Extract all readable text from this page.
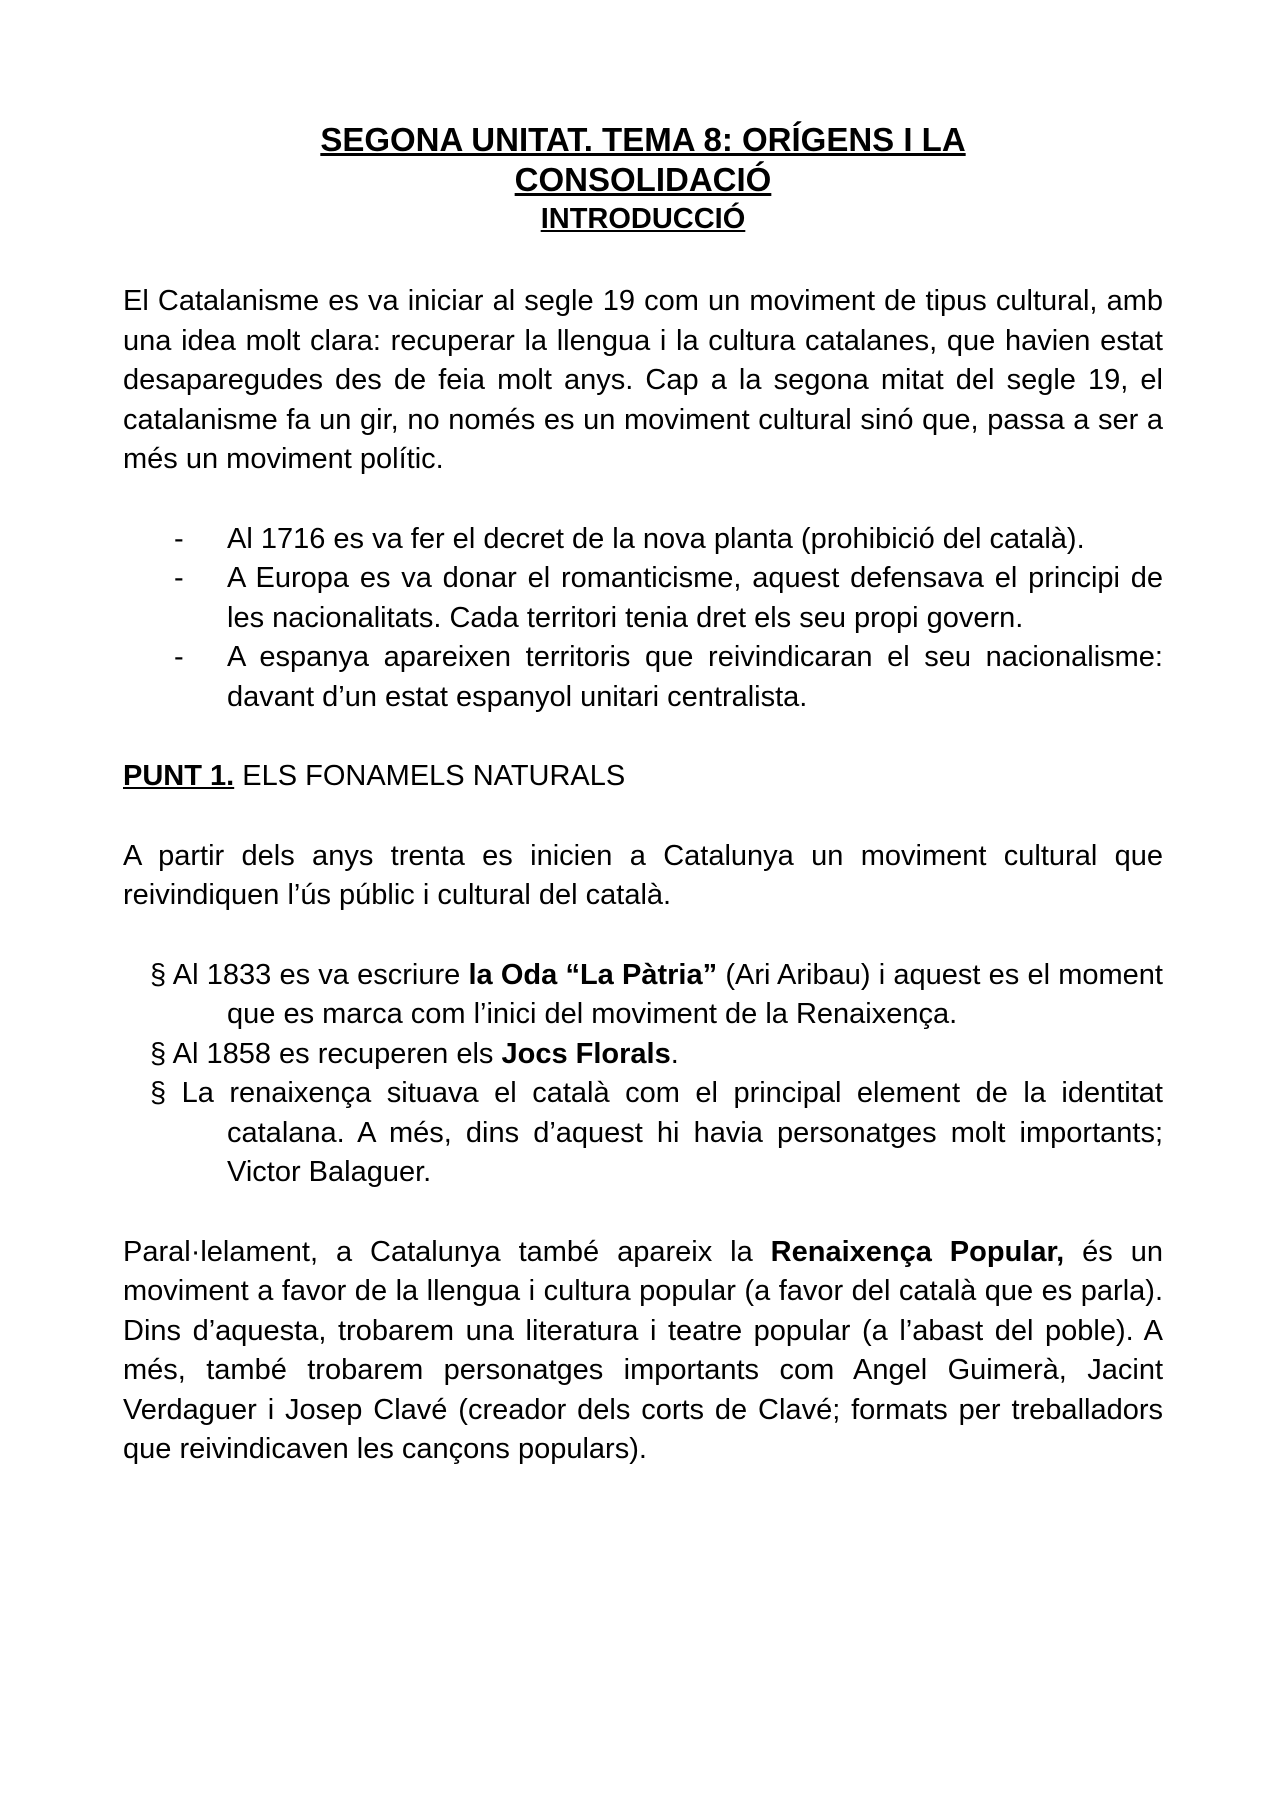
SEGONA UNITAT. TEMA 8: ORÍGENS I LA
CONSOLIDACIÓ
INTRODUCCIÓ

El Catalanisme es va iniciar al segle 19 com un moviment de tipus cultural, amb una idea molt clara: recuperar la llengua i la cultura catalanes, que havien estat desaparegudes des de feia molt anys. Cap a la segona mitat del segle 19, el catalanisme fa un gir, no només es un moviment cultural sinó que, passa a ser a més un moviment polític.

- Al 1716 es va fer el decret de la nova planta (prohibició del català).
- A Europa es va donar el romanticisme, aquest defensava el principi de les nacionalitats. Cada territori tenia dret els seu propi govern.
- A espanya apareixen territoris que reivindicaran el seu nacionalisme: davant d’un estat espanyol unitari centralista.

PUNT 1. ELS FONAMELS NATURALS

A partir dels anys trenta es inicien a Catalunya un moviment cultural que reivindiquen l’ús públic i cultural del català.

§ Al 1833 es va escriure la Oda “La Pàtria” (Ari Aribau) i aquest es el moment que es marca com l’inici del moviment de la Renaixença.
§ Al 1858 es recuperen els Jocs Florals.
§ La renaixença situava el català com el principal element de la identitat catalana. A més, dins d’aquest hi havia personatges molt importants; Victor Balaguer.

Paral·lelament, a Catalunya també apareix la Renaixença Popular, és un moviment a favor de la llengua i cultura popular (a favor del català que es parla). Dins d’aquesta, trobarem una literatura i teatre popular (a l’abast del poble). A més, també trobarem personatges importants com Angel Guimerà, Jacint Verdaguer i Josep Clavé (creador dels corts de Clavé; formats per treballadors que reivindicaven les cançons populars).
